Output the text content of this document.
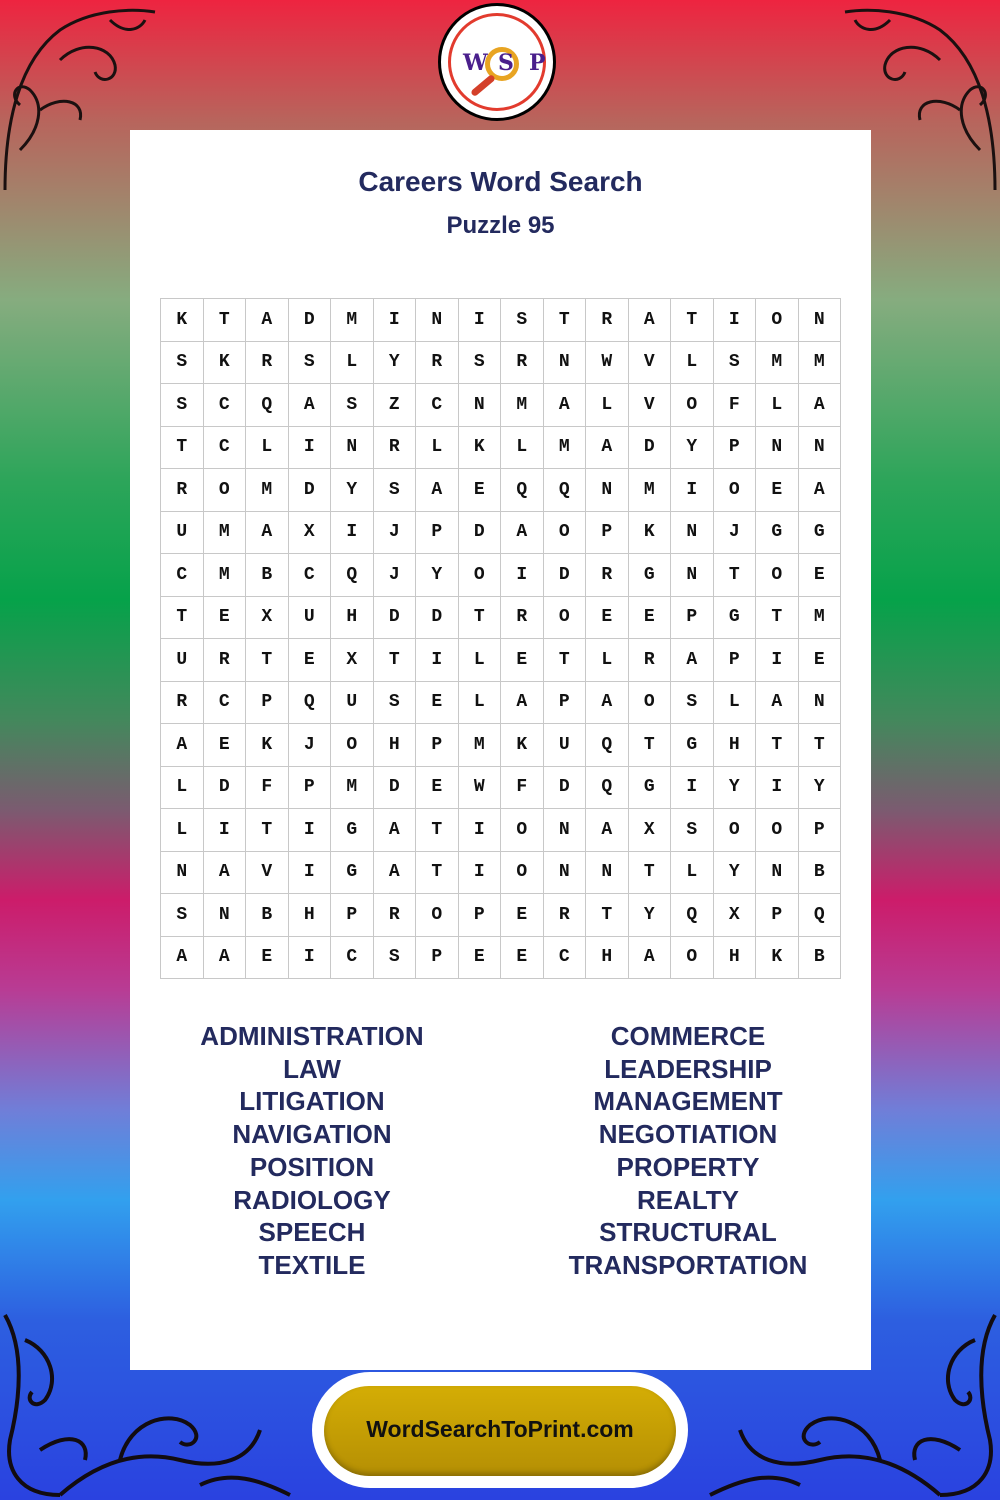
W S P
Careers Word Search
Puzzle 95
K	T	A	D	M	I	N	I	S	T	R	A	T	I	O	N
S	K	R	S	L	Y	R	S	R	N	W	V	L	S	M	M
S	C	Q	A	S	Z	C	N	M	A	L	V	O	F	L	A
T	C	L	I	N	R	L	K	L	M	A	D	Y	P	N	N
R	O	M	D	Y	S	A	E	Q	Q	N	M	I	O	E	A
U	M	A	X	I	J	P	D	A	O	P	K	N	J	G	G
C	M	B	C	Q	J	Y	O	I	D	R	G	N	T	O	E
T	E	X	U	H	D	D	T	R	O	E	E	P	G	T	M
U	R	T	E	X	T	I	L	E	T	L	R	A	P	I	E
R	C	P	Q	U	S	E	L	A	P	A	O	S	L	A	N
A	E	K	J	O	H	P	M	K	U	Q	T	G	H	T	T
L	D	F	P	M	D	E	W	F	D	Q	G	I	Y	I	Y
L	I	T	I	G	A	T	I	O	N	A	X	S	O	O	P
N	A	V	I	G	A	T	I	O	N	N	T	L	Y	N	B
S	N	B	H	P	R	O	P	E	R	T	Y	Q	X	P	Q
A	A	E	I	C	S	P	E	E	C	H	A	O	H	K	B
ADMINISTRATION
LAW
LITIGATION
NAVIGATION
POSITION
RADIOLOGY
SPEECH
TEXTILE
COMMERCE
LEADERSHIP
MANAGEMENT
NEGOTIATION
PROPERTY
REALTY
STRUCTURAL
TRANSPORTATION
WordSearchToPrint.com
